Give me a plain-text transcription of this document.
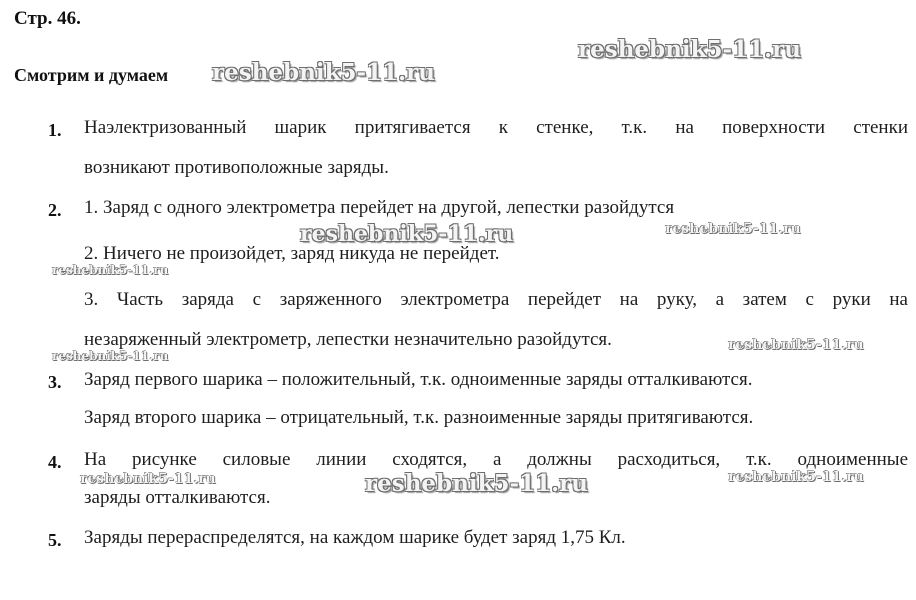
Стр. 46.
Смотрим и думаем
1. Наэлектризованный шарик притягивается к стенке, т.к. на поверхности стенки
возникают противоположные заряды.
2. 1. Заряд с одного электрометра перейдет на другой, лепестки разойдутся
2. Ничего не произойдет, заряд никуда не перейдет.
3. Часть заряда с заряженного электрометра перейдет на руку, а затем с руки на
незаряженный электрометр, лепестки незначительно разойдутся.
3. Заряд первого шарика – положительный, т.к. одноименные заряды отталкиваются.
Заряд второго шарика – отрицательный, т.к. разноименные заряды притягиваются.
4. На рисунке силовые линии сходятся, а должны расходиться, т.к. одноименные
заряды отталкиваются.
5. Заряды перераспределятся, на каждом шарике будет заряд 1,75 Кл.
reshebnik5-11.ru
reshebnik5-11.ru
reshebnik5-11.ru	reshebnik5-11.ru
reshebnik5-11.ru
reshebnik5-11.ru
reshebnik5-11.ru
reshebnik5-11.ru	reshebnik5-11.ru	reshebnik5-11.ru
